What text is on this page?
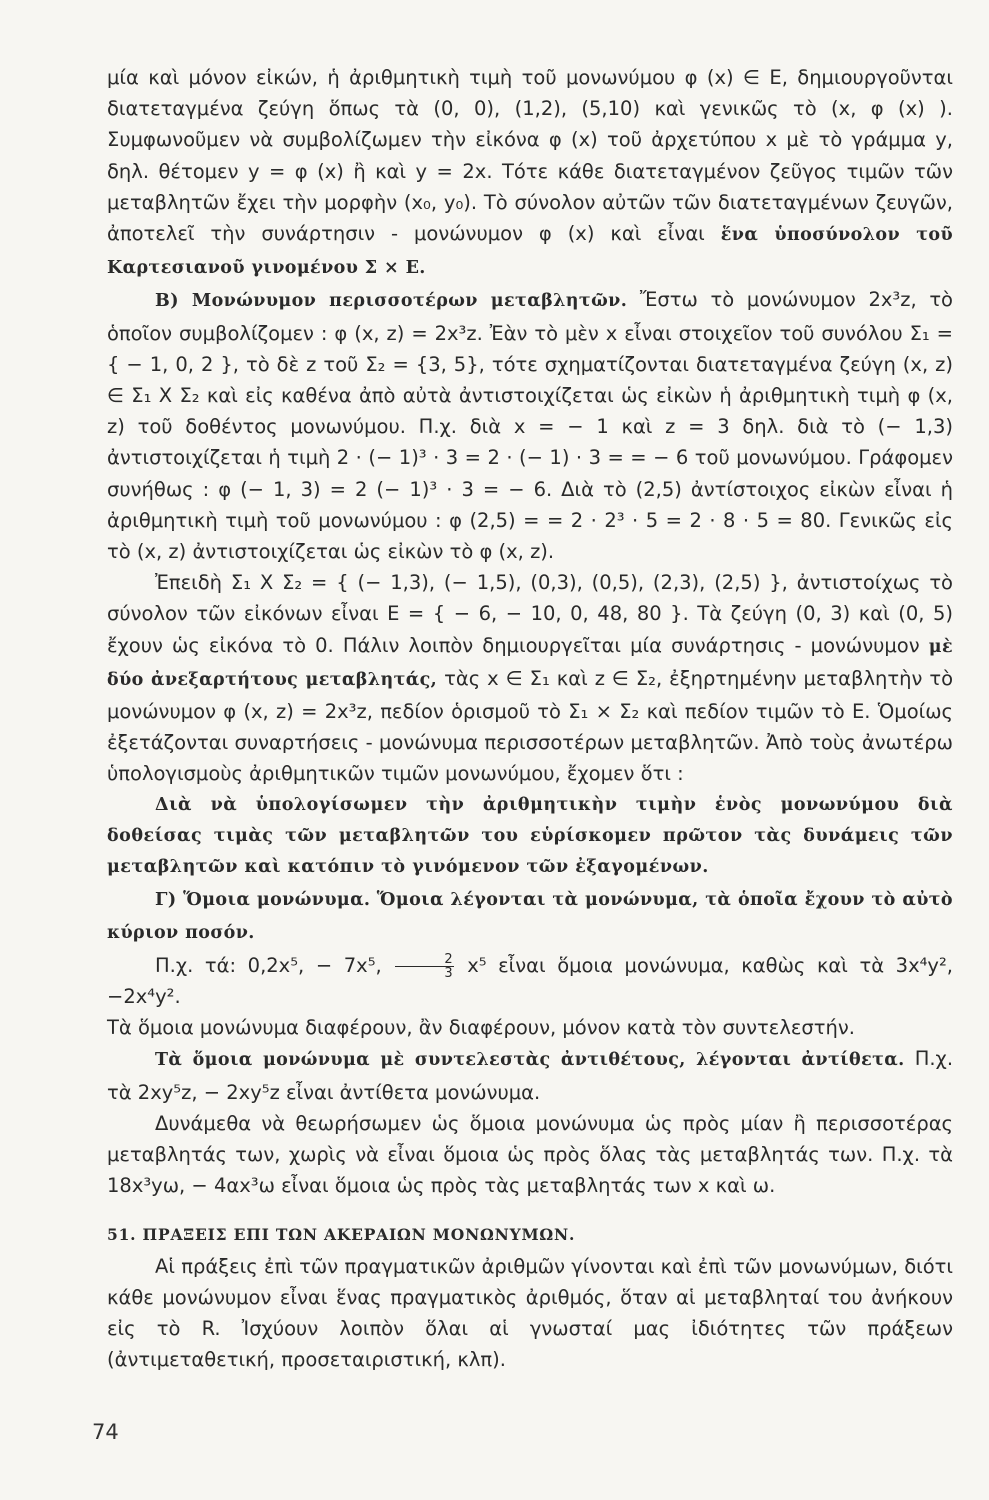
μία καὶ μόνον εἰκών, ἡ ἀριθμητικὴ τιμὴ τοῦ μονωνύμου φ (x) ∈ E, δημιουργοῦνται διατεταγμένα ζεύγη ὅπως τὰ (0, 0), (1,2), (5,10) καὶ γενικῶς τὸ (x, φ (x) ). Συμφωνοῦμεν νὰ συμβολίζωμεν τὴν εἰκόνα φ (x) τοῦ ἀρχετύπου x μὲ τὸ γράμμα y, δηλ. θέτομεν y = φ (x) ἢ καὶ y = 2x. Τότε κάθε διατεταγμένον ζεῦγος τιμῶν τῶν μεταβλητῶν ἔχει τὴν μορφὴν (x₀, y₀). Τὸ σύνολον αὐτῶν τῶν διατεταγμένων ζευγῶν, ἀποτελεῖ τὴν συνάρτησιν - μονώνυμον φ (x) καὶ εἶναι ἕνα ὑποσύνολον τοῦ Καρτεσιανοῦ γινομένου Σ × Ε.

Β) Μονώνυμον περισσοτέρων μεταβλητῶν. Ἔστω τὸ μονώνυμον 2x³z, τὸ ὁποῖον συμβολίζομεν : φ (x, z) = 2x³z. Ἐὰν τὸ μὲν x εἶναι στοιχεῖον τοῦ συνόλου Σ₁ = { − 1, 0, 2 }, τὸ δὲ z τοῦ Σ₂ = {3, 5}, τότε σχηματίζονται διατεταγμένα ζεύγη (x, z) ∈ Σ₁ X Σ₂ καὶ εἰς καθένα ἀπὸ αὐτὰ ἀντιστοιχίζεται ὡς εἰκὼν ἡ ἀριθμητικὴ τιμὴ φ (x, z) τοῦ δοθέντος μονωνύμου. Π.χ. διὰ x = − 1 καὶ z = 3 δηλ. διὰ τὸ (− 1,3) ἀντιστοιχίζεται ἡ τιμὴ 2 · (− 1)³ · 3 = 2 · (− 1) · 3 = = − 6 τοῦ μονωνύμου. Γράφομεν συνήθως : φ (− 1, 3) = 2 (− 1)³ · 3 = − 6. Διὰ τὸ (2,5) ἀντίστοιχος εἰκὼν εἶναι ἡ ἀριθμητικὴ τιμὴ τοῦ μονωνύμου : φ (2,5) = = 2 · 2³ · 5 = 2 · 8 · 5 = 80. Γενικῶς εἰς τὸ (x, z) ἀντιστοιχίζεται ὡς εἰκὼν τὸ φ (x, z).

Ἐπειδὴ Σ₁ X Σ₂ = { (− 1,3), (− 1,5), (0,3), (0,5), (2,3), (2,5) }, ἀντιστοίχως τὸ σύνολον τῶν εἰκόνων εἶναι E = { − 6, − 10, 0, 48, 80 }. Τὰ ζεύγη (0, 3) καὶ (0, 5) ἔχουν ὡς εἰκόνα τὸ 0. Πάλιν λοιπὸν δημιουργεῖται μία συνάρτησις - μονώνυμον μὲ δύο ἀνεξαρτήτους μεταβλητάς, τὰς x ∈ Σ₁ καὶ z ∈ Σ₂, ἐξηρτημένην μεταβλητὴν τὸ μονώνυμον φ (x, z) = 2x³z, πεδίον ὁρισμοῦ τὸ Σ₁ × Σ₂ καὶ πεδίον τιμῶν τὸ Ε. Ὁμοίως ἐξετάζονται συναρτήσεις - μονώνυμα περισσοτέρων μεταβλητῶν. Ἀπὸ τοὺς ἀνωτέρω ὑπολογισμοὺς ἀριθμητικῶν τιμῶν μονωνύμου, ἔχομεν ὅτι :

Διὰ νὰ ὑπολογίσωμεν τὴν ἀριθμητικὴν τιμὴν ἑνὸς μονωνύμου διὰ δοθείσας τιμὰς τῶν μεταβλητῶν του εὑρίσκομεν πρῶτον τὰς δυνάμεις τῶν μεταβλητῶν καὶ κατόπιν τὸ γινόμενον τῶν ἐξαγομένων.

Γ) Ὅμοια μονώνυμα. Ὅμοια λέγονται τὰ μονώνυμα, τὰ ὁποῖα ἔχουν τὸ αὐτὸ κύριον ποσόν.

Π.χ. τά: 0,2x⁵, − 7x⁵, $\frac{2}{3} x^5$ εἶναι ὅμοια μονώνυμα, καθὼς καὶ τὰ 3x⁴y²,−2x⁴y².

Τὰ ὅμοια μονώνυμα διαφέρουν, ἂν διαφέρουν, μόνον κατὰ τὸν συντελεστήν.

Τὰ ὅμοια μονώνυμα μὲ συντελεστὰς ἀντιθέτους, λέγονται ἀντίθετα. Π.χ. τὰ 2xy⁵z, − 2xy⁵z εἶναι ἀντίθετα μονώνυμα.

Δυνάμεθα νὰ θεωρήσωμεν ὡς ὅμοια μονώνυμα ὡς πρὸς μίαν ἢ περισσοτέρας μεταβλητάς των, χωρὶς νὰ εἶναι ὅμοια ὡς πρὸς ὅλας τὰς μεταβλητάς των. Π.χ. τὰ 18x³yω, − 4αx³ω εἶναι ὅμοια ὡς πρὸς τὰς μεταβλητάς των x καὶ ω.

51. ΠΡΑΞΕΙΣ ΕΠΙ ΤΩΝ ΑΚΕΡΑΙΩΝ ΜΟΝΩΝΥΜΩΝ.

Αἱ πράξεις ἐπὶ τῶν πραγματικῶν ἀριθμῶν γίνονται καὶ ἐπὶ τῶν μονωνύμων, διότι κάθε μονώνυμον εἶναι ἕνας πραγματικὸς ἀριθμός, ὅταν αἱ μεταβληταί του ἀνήκουν εἰς τὸ R. Ἰσχύουν λοιπὸν ὅλαι αἱ γνωσταί μας ἰδιότητες τῶν πράξεων (ἀντιμεταθετική, προσεταιριστική, κλπ).

74
